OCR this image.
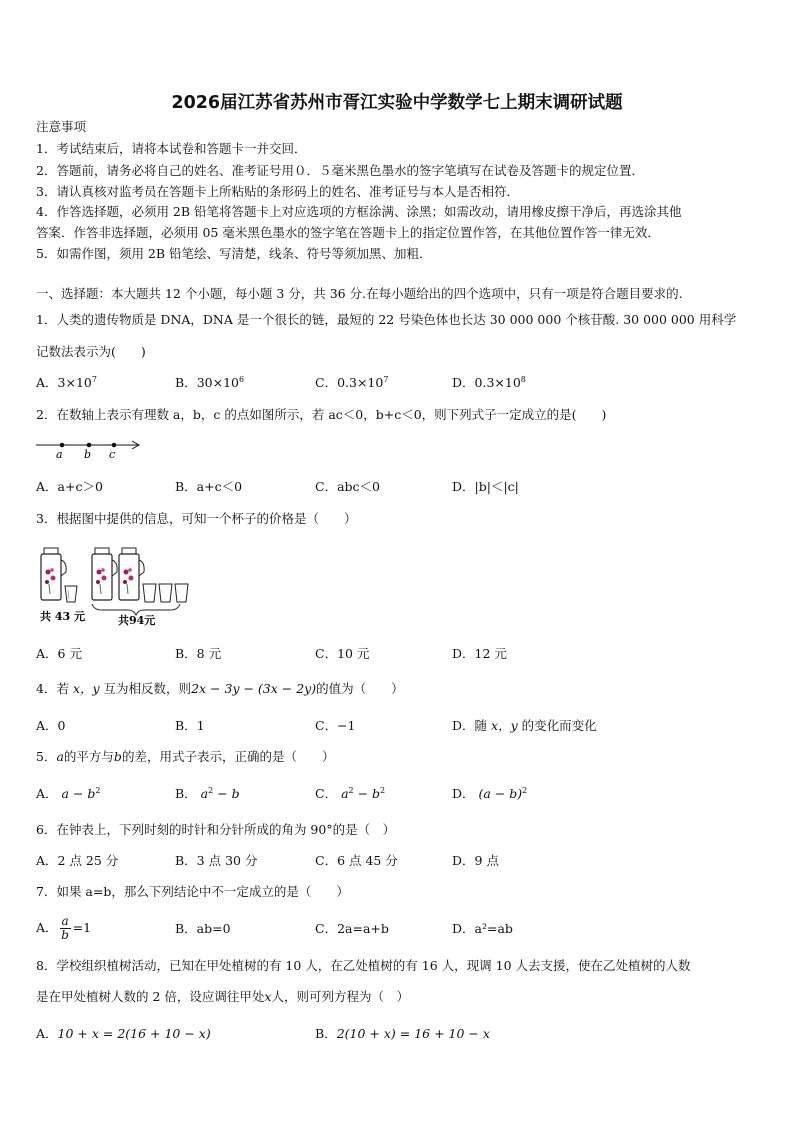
2026届江苏省苏州市胥江实验中学数学七上期末调研试题
注意事项
1．考试结束后，请将本试卷和答题卡一并交回．
2．答题前，请务必将自己的姓名、准考证号用０．５毫米黑色墨水的签字笔填写在试卷及答题卡的规定位置．
3．请认真核对监考员在答题卡上所粘贴的条形码上的姓名、准考证号与本人是否相符．
4．作答选择题，必须用 2B 铅笔将答题卡上对应选项的方框涂满、涂黑；如需改动，请用橡皮擦干净后，再选涂其他
答案．作答非选择题，必须用 05 毫米黑色墨水的签字笔在答题卡上的指定位置作答，在其他位置作答一律无效．
5．如需作图，须用 2B 铅笔绘、写清楚，线条、符号等须加黑、加粗．
一、选择题：本大题共 12 个小题，每小题 3 分，共 36 分.在每小题给出的四个选项中，只有一项是符合题目要求的.
1．人类的遗传物质是 DNA，DNA 是一个很长的链，最短的 22 号染色体也长达 30 000 000 个核苷酸. 30 000 000 用科学
记数法表示为(　　)
A．$3\times 10^7$	B．$30\times 10^6$	C．$0.3\times 10^7$	D．$0.3\times 10^8$
2．在数轴上表示有理数 a，b，c 的点如图所示，若 ac＜0，b+c＜0，则下列式子一定成立的是(　　)
a b c
A．a+c＞0	B．a+c＜0	C．abc＜0	D．|b|＜|c|
3．根据图中提供的信息，可知一个杯子的价格是（　　）
共 43 元	共94元
A．6 元	B．8 元	C．10 元	D．12 元
4．若 x，y 互为相反数，则2x − 3y − (3x − 2y)的值为（　　）
A．0	B．1	C．−1	D．随 x，y 的变化而变化
5．a的平方与b的差，用式子表示，正确的是（　　）
A． $a - b^2$	B． $a^2 - b$	C． $a^2 - b^2$	D． $(a - b)^2$
6．在钟表上，下列时刻的时针和分针所成的角为 90°的是（　）
A．2 点 25 分	B．3 点 30 分	C．6 点 45 分	D．9 点
7．如果 a=b，那么下列结论中不一定成立的是（　　）
A． $\frac{a}{b} =1$	B．ab=0	C．2a=a+b	D．a²=ab
8．学校组织植树活动，已知在甲处植树的有 10 人，在乙处植树的有 16 人，现调 10 人去支援，使在乙处植树的人数
是在甲处植树人数的 2 倍，设应调往甲处x人，则可列方程为（　）
A．10 + x = 2(16 + 10 − x)	B．2(10 + x) = 16 + 10 − x
